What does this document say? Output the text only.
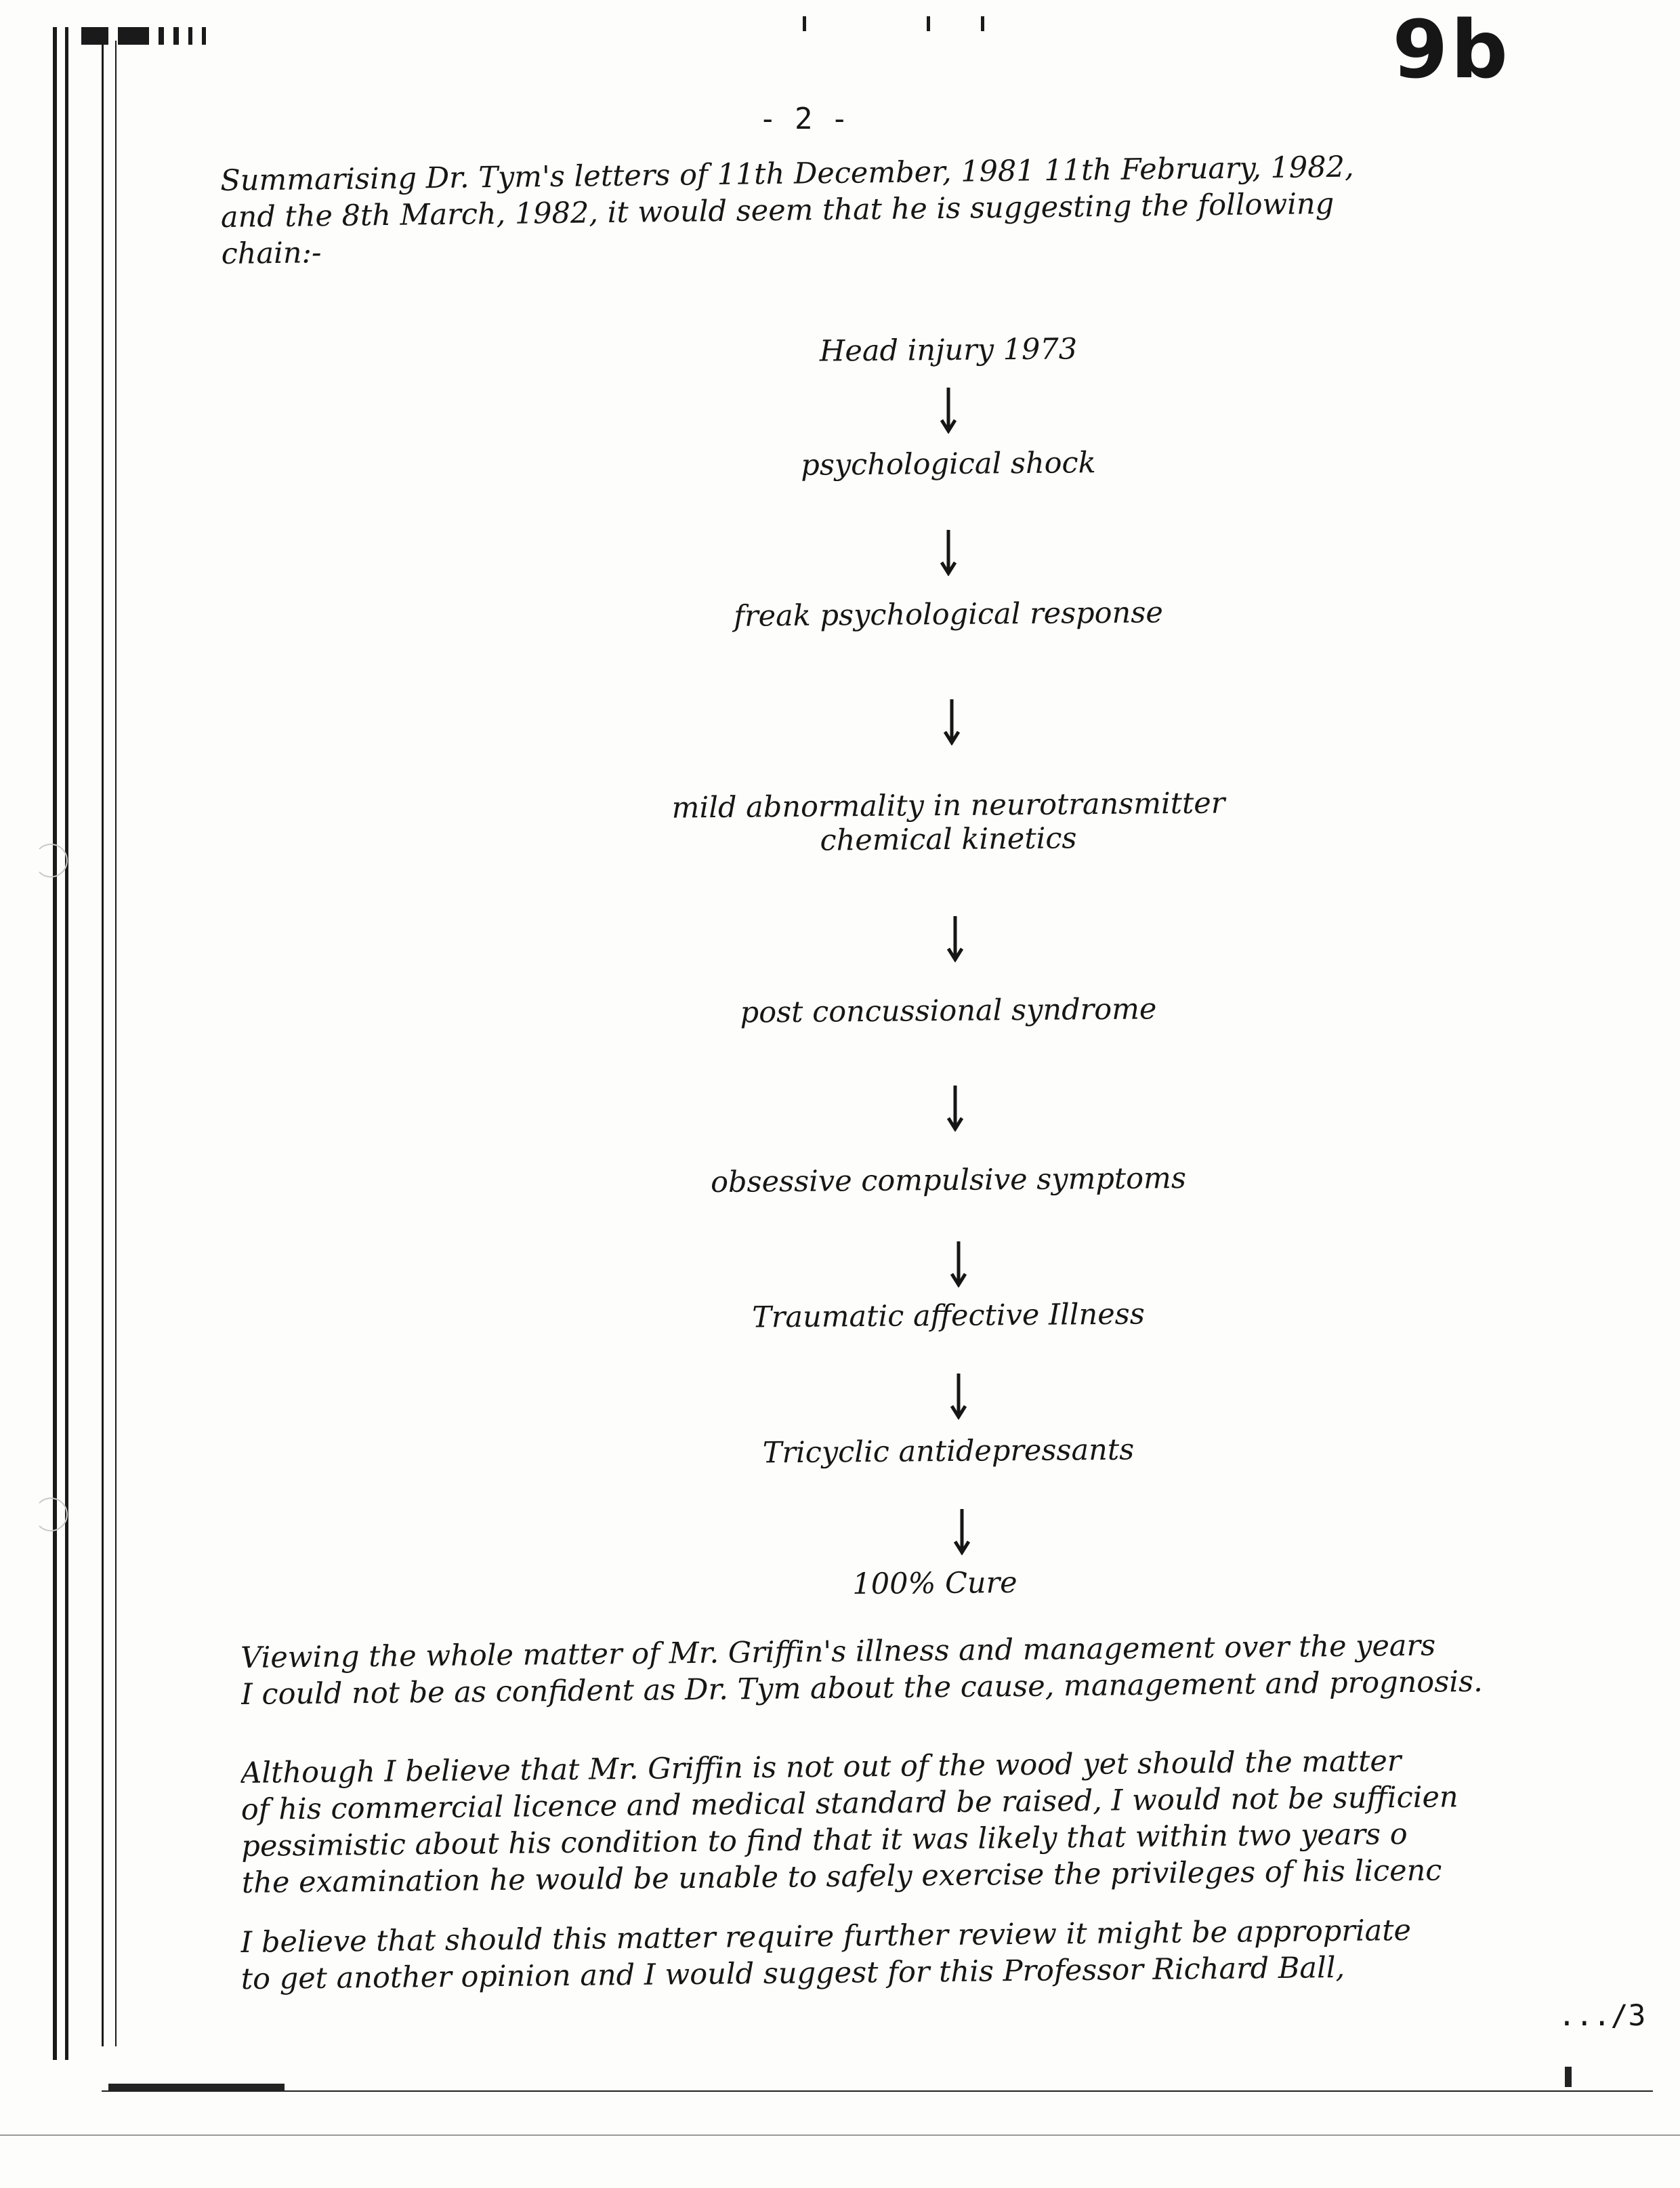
9b
- 2 -
Summarising Dr. Tym's letters of 11th December, 1981 11th February, 1982,
and the 8th March, 1982, it would seem that he is suggesting the following
chain:-
Head injury 1973
psychological shock
freak psychological response
mild abnormality in neurotransmitter
chemical kinetics
post concussional syndrome
obsessive compulsive symptoms
Traumatic affective Illness
Tricyclic antidepressants
100% Cure
Viewing the whole matter of Mr. Griffin's illness and management over the years
I could not be as confident as Dr. Tym about the cause, management and prognosis.
Although I believe that Mr. Griffin is not out of the wood yet should the matter
of his commercial licence and medical standard be raised, I would not be sufficien
pessimistic about his condition to find that it was likely that within two years o
the examination he would be unable to safely exercise the privileges of his licenc
I believe that should this matter require further review it might be appropriate
to get another opinion and I would suggest for this Professor Richard Ball,
.../3
